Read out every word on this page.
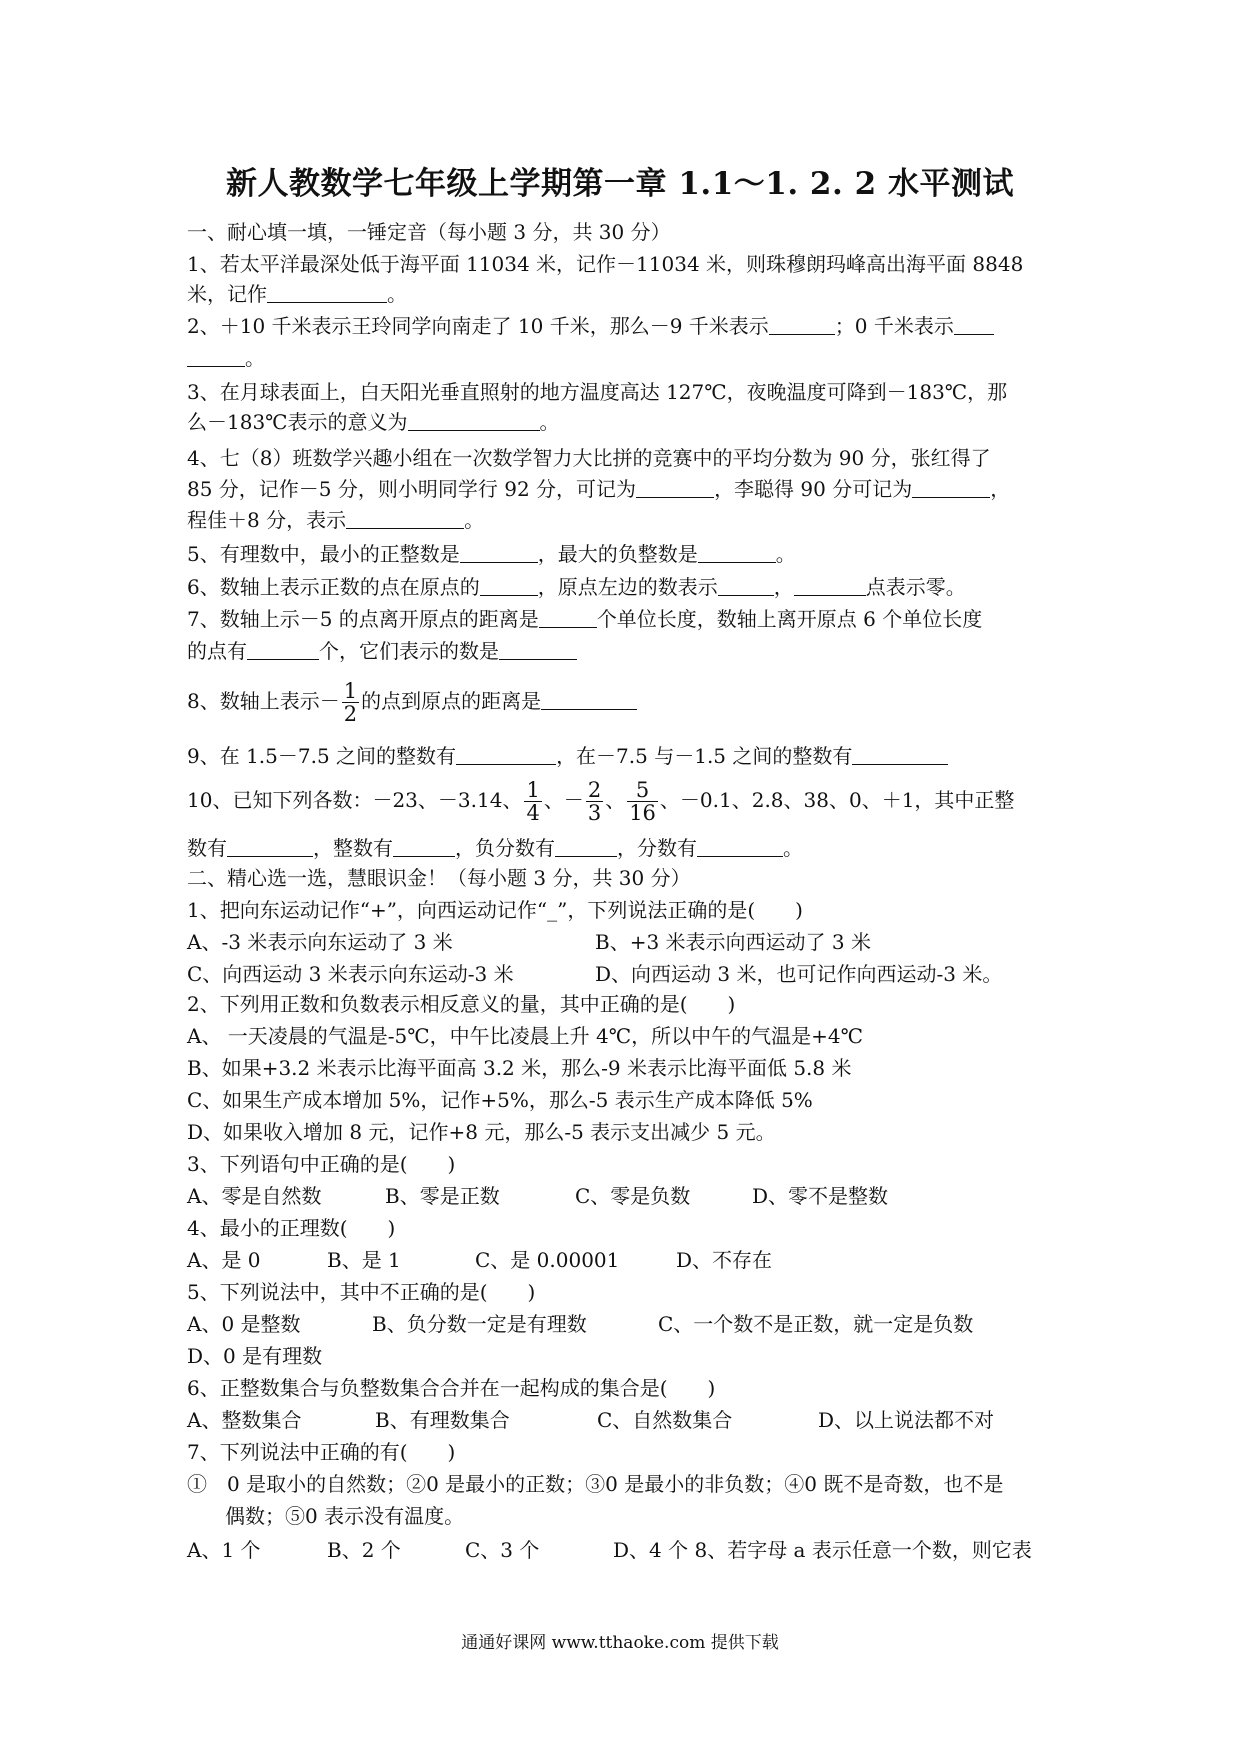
新人教数学七年级上学期第一章 1.1～1. 2. 2 水平测试
一、耐心填一填，一锤定音（每小题 3 分，共 30 分）
1、若太平洋最深处低于海平面 11034 米，记作－11034 米，则珠穆朗玛峰高出海平面 8848
米，记作	。
2、＋10 千米表示王玲同学向南走了 10 千米，那么－9 千米表示	；0 千米表示
。
3、在月球表面上，白天阳光垂直照射的地方温度高达 127℃，夜晚温度可降到－183℃，那
么－183℃表示的意义为	。
4、七（8）班数学兴趣小组在一次数学智力大比拼的竞赛中的平均分数为 90 分，张红得了
85 分，记作－5 分，则小明同学行 92 分，可记为	，李聪得 90 分可记为	，
程佳＋8 分，表示	。
5、有理数中，最小的正整数是	，最大的负整数是	。
6、数轴上表示正数的点在原点的	，原点左边的数表示	，	点表示零。
7、数轴上示－5 的点离开原点的距离是	个单位长度，数轴上离开原点 6 个单位长度
的点有	个，它们表示的数是
8、数轴上表示－ $\frac{1}{2}$ 的点到原点的距离是
9、在 1.5－7.5 之间的整数有	，在－7.5 与－1.5 之间的整数有
10、已知下列各数：－23、－3.14、 $\frac{1}{4}$ 、－ $\frac{2}{3}$ 、 $\frac{5}{16}$ 、－0.1、2.8、38、0、＋1，其中正整
数有	，整数有	，负分数有	，分数有	。
二、精心选一选，慧眼识金！（每小题 3 分，共 30 分）
1、把向东运动记作“+”，向西运动记作“_”，下列说法正确的是(　　)
A、-3 米表示向东运动了 3 米	B、+3 米表示向西运动了 3 米
C、向西运动 3 米表示向东运动-3 米	D、向西运动 3 米，也可记作向西运动-3 米。
2、下列用正数和负数表示相反意义的量，其中正确的是(　　)
A、 一天凌晨的气温是-5℃，中午比凌晨上升 4℃，所以中午的气温是+4℃
B、如果+3.2 米表示比海平面高 3.2 米，那么-9 米表示比海平面低 5.8 米
C、如果生产成本增加 5%，记作+5%，那么-5 表示生产成本降低 5%
D、如果收入增加 8 元，记作+8 元，那么-5 表示支出减少 5 元。
3、下列语句中正确的是(　　)
A、零是自然数	B、零是正数	C、零是负数	D、零不是整数
4、最小的正理数(　　)
A、是 0	B、是 1	C、是 0.00001	D、不存在
5、下列说法中，其中不正确的是(　　)
A、0 是整数	B、负分数一定是有理数	C、一个数不是正数，就一定是负数
D、0 是有理数
6、正整数集合与负整数集合合并在一起构成的集合是(　　)
A、整数集合	B、有理数集合	C、自然数集合	D、以上说法都不对
7、下列说法中正确的有(　　)
①　0 是取小的自然数；②0 是最小的正数；③0 是最小的非负数；④0 既不是奇数，也不是
偶数；⑤0 表示没有温度。
A、1 个	B、2 个	C、3 个	D、4 个 8、若字母 a 表示任意一个数，则它表
通通好课网 www.tthaoke.com 提供下载
